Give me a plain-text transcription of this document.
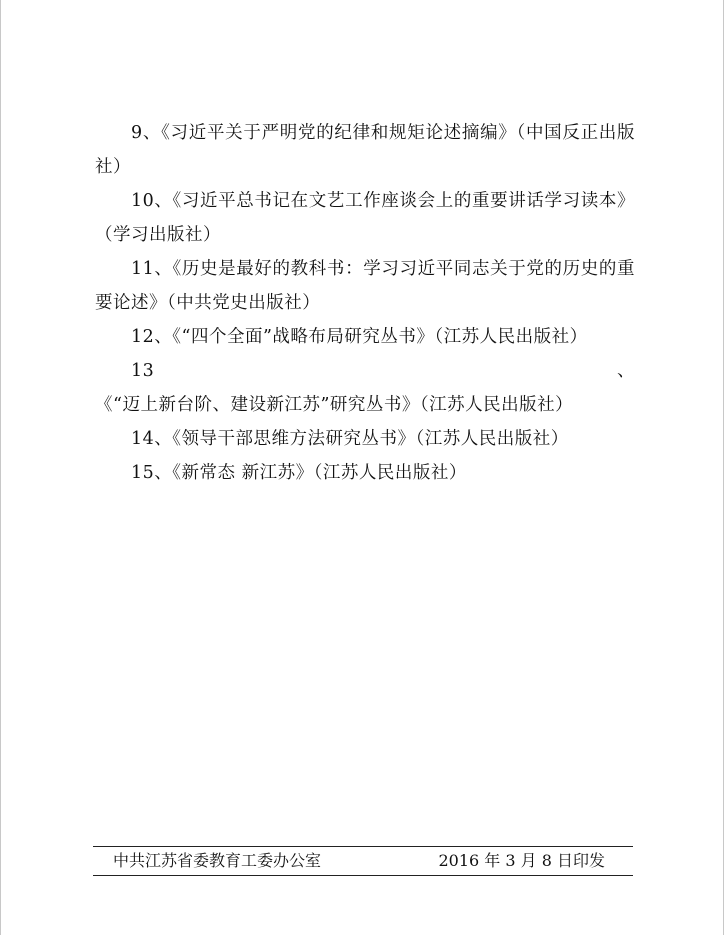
9、《习近平关于严明党的纪律和规矩论述摘编》（中国反正出版社）

10、《习近平总书记在文艺工作座谈会上的重要讲话学习读本》（学习出版社）

11、《历史是最好的教科书：学习习近平同志关于党的历史的重要论述》（中共党史出版社）

12、《“四个全面”战略布局研究丛书》（江苏人民出版社）

13、《“迈上新台阶、建设新江苏”研究丛书》（江苏人民出版社）

14、《领导干部思维方法研究丛书》（江苏人民出版社）

15、《新常态 新江苏》（江苏人民出版社）

中共江苏省委教育工委办公室	2016 年 3 月 8 日印发
